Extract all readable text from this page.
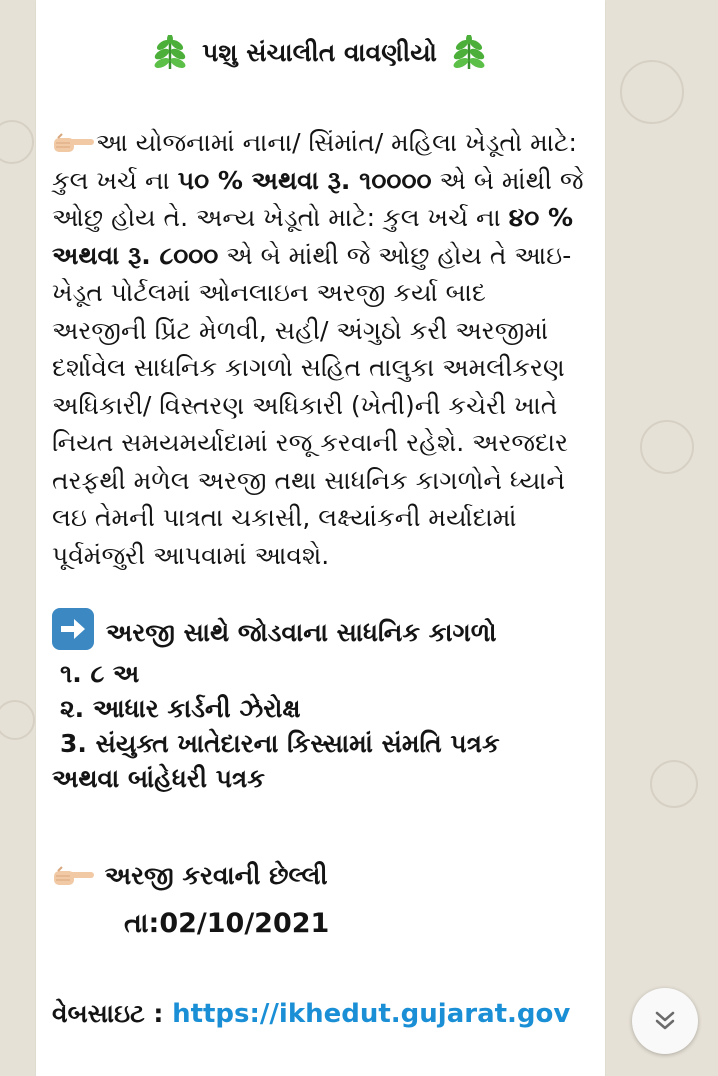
પશુ સંચાલીત વાવણીયો
આ યોજનામાં નાના/ સિંમાંત/ મહિલા ખેડૂતો માટે: કુલ ખર્ચ ના ૫૦ % અથવા રૂ. ૧૦૦૦૦ એ બે માંથી જે ઓછુ હોય તે. અન્ય ખેડૂતો માટે: કુલ ખર્ચ ના ૪૦ % અથવા રૂ. ૮૦૦૦ એ બે માંથી જે ઓછુ હોય તે આઇ-ખેડૂત પોર્ટલમાં ઓનલાઇન અરજી કર્યા બાદ અરજીની પ્રિંટ મેળવી, સહી/ અંગુઠો કરી અરજીમાં દર્શાવેલ સાધનિક કાગળો સહિત તાલુકા અમલીકરણ અધિકારી/ વિસ્તરણ અધિકારી (ખેતી)ની કચેરી ખાતે નિયત સમયમર્યાદામાં રજૂ કરવાની રહેશે. અરજદાર તરફથી મળેલ અરજી તથા સાધનિક કાગળોને ધ્યાને લઇ તેમની પાત્રતા ચકાસી, લક્ષ્યાંકની મર્યાદામાં પૂર્વમંજુરી આપવામાં આવશે.
અરજી સાથે જોડવાના સાધનિક કાગળો
૧. ૮ અ
૨. આધાર કાર્ડની ઝેરોક્ષ
3. સંયુક્ત ખાતેદારના કિસ્સામાં સંમતિ પત્રક
અથવા બાંહેધરી પત્રક
અરજી કરવાની છેલ્લી
તા:02/10/2021
વેબસાઇટ : https://ikhedut.gujarat.gov
